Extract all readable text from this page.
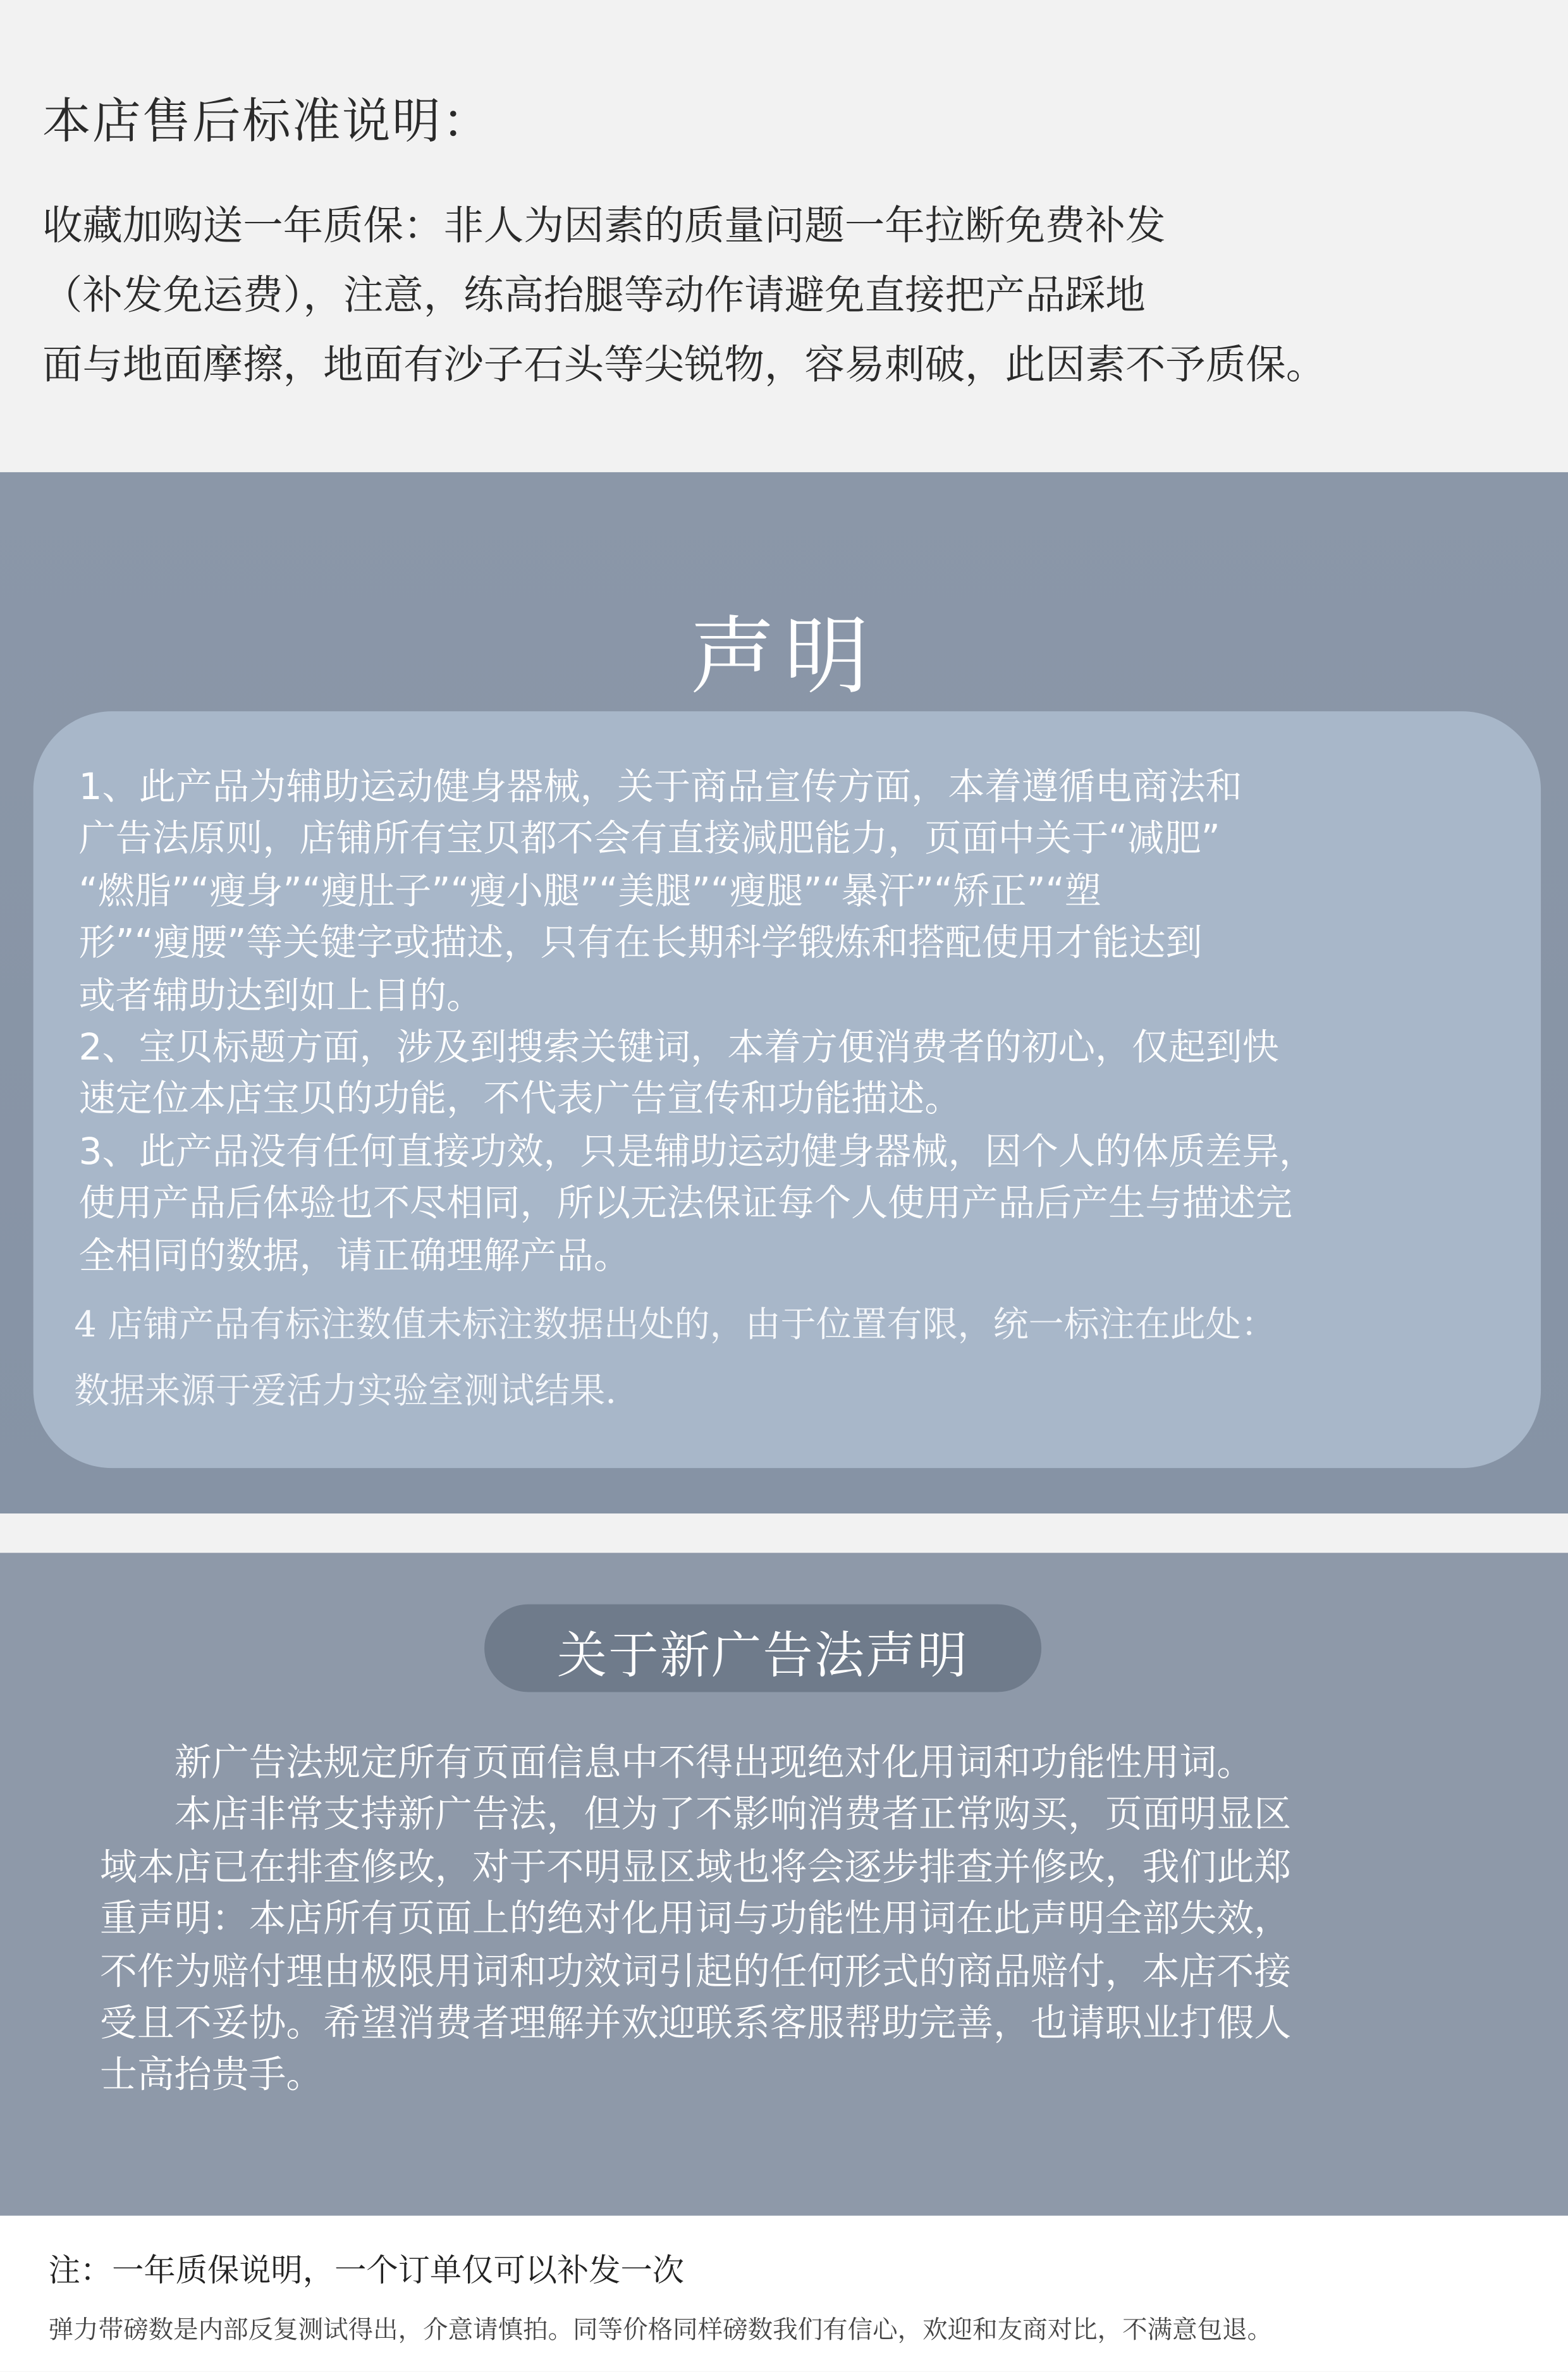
本店售后标准说明：
收藏加购送一年质保：非人为因素的质量问题一年拉断免费补发
（补发免运费），注意，练高抬腿等动作请避免直接把产品踩地
面与地面摩擦，地面有沙子石头等尖锐物，容易刺破，此因素不予质保。
声明
1、此产品为辅助运动健身器械，关于商品宣传方面，本着遵循电商法和
广告法原则，店铺所有宝贝都不会有直接减肥能力，页面中关于“减肥”
“燃脂”“瘦身”“瘦肚子”“瘦小腿”“美腿”“瘦腿”“暴汗”“矫正”“塑
形”“瘦腰”等关键字或描述，只有在长期科学锻炼和搭配使用才能达到
或者辅助达到如上目的。
2、宝贝标题方面，涉及到搜索关键词，本着方便消费者的初心，仅起到快
速定位本店宝贝的功能，不代表广告宣传和功能描述。
3、此产品没有任何直接功效，只是辅助运动健身器械，因个人的体质差异，
使用产品后体验也不尽相同，所以无法保证每个人使用产品后产生与描述完
全相同的数据，请正确理解产品。
4 店铺产品有标注数值未标注数据出处的，由于位置有限，统一标注在此处：
数据来源于爱活力实验室测试结果.
关于新广告法声明
　　新广告法规定所有页面信息中不得出现绝对化用词和功能性用词。
　　本店非常支持新广告法，但为了不影响消费者正常购买，页面明显区
域本店已在排查修改，对于不明显区域也将会逐步排查并修改，我们此郑
重声明：本店所有页面上的绝对化用词与功能性用词在此声明全部失效，
不作为赔付理由极限用词和功效词引起的任何形式的商品赔付，本店不接
受且不妥协。希望消费者理解并欢迎联系客服帮助完善，也请职业打假人
士高抬贵手。
注：一年质保说明，一个订单仅可以补发一次
弹力带磅数是内部反复测试得出，介意请慎拍。同等价格同样磅数我们有信心，欢迎和友商对比，不满意包退。
